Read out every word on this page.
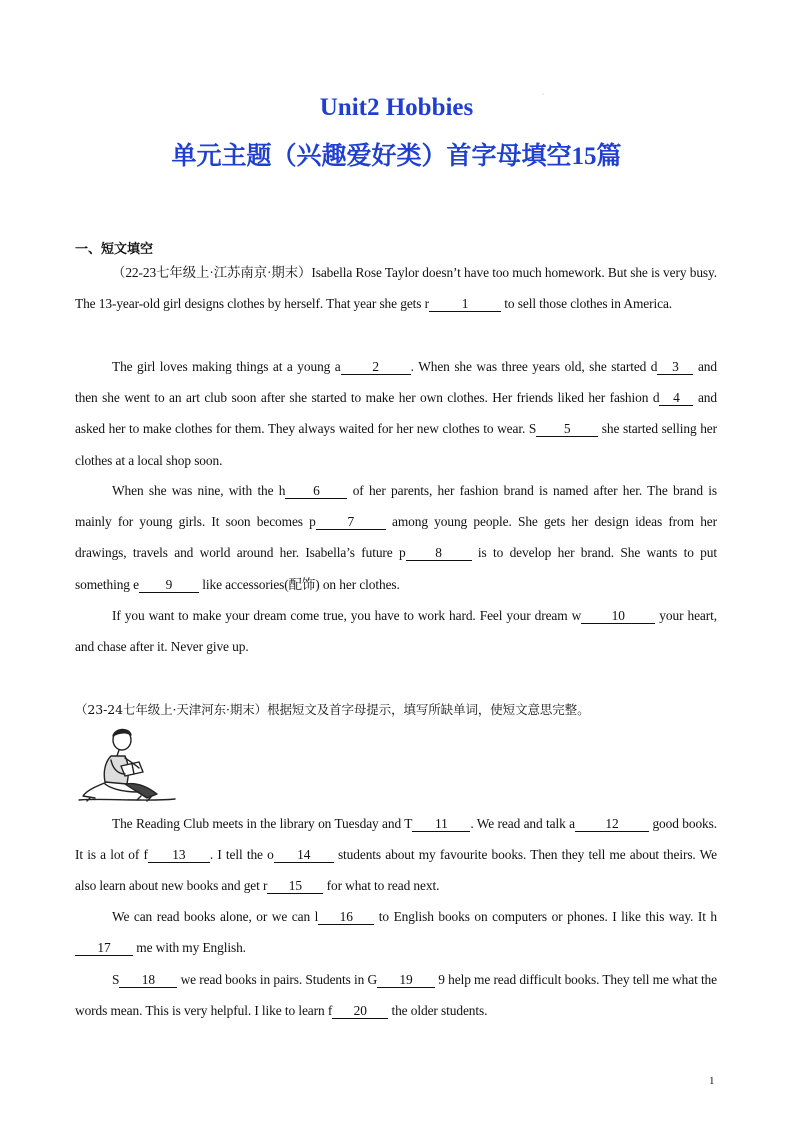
·
Unit2 Hobbies
单元主题（兴趣爱好类）首字母填空15篇
一、短文填空
（22-23七年级上·江苏南京·期末）Isabella Rose Taylor doesn’t have too much homework. But she is very busy. The 13-year-old girl designs clothes by herself. That year she gets r 1 to sell those clothes in America.
The girl loves making things at a young a 2 . When she was three years old, she started d 3 and then she went to an art club soon after she started to make her own clothes. Her friends liked her fashion d 4 and asked her to make clothes for them. They always waited for her new clothes to wear. S 5 she started selling her clothes at a local shop soon.
When she was nine, with the h 6 of her parents, her fashion brand is named after her. The brand is mainly for young girls. It soon becomes p 7 among young people. She gets her design ideas from her drawings, travels and world around her. Isabella’s future p 8 is to develop her brand. She wants to put something e 9 like accessories(配饰) on her clothes.
If you want to make your dream come true, you have to work hard. Feel your dream w 10 your heart, and chase after it. Never give up.
（23-24七年级上·天津河东·期末）根据短文及首字母提示，填写所缺单词，使短文意思完整。
The Reading Club meets in the library on Tuesday and T 11 . We read and talk a 12 good books. It is a lot of f 13 . I tell the o 14 students about my favourite books. Then they tell me about theirs. We also learn about new books and get r 15 for what to read next.
We can read books alone, or we can l 16 to English books on computers or phones. I like this way. It h17 me with my English.
S 18 we read books in pairs. Students in G 19 9 help me read difficult books. They tell me what the words mean. This is very helpful. I like to learn f 20 the older students.
1
